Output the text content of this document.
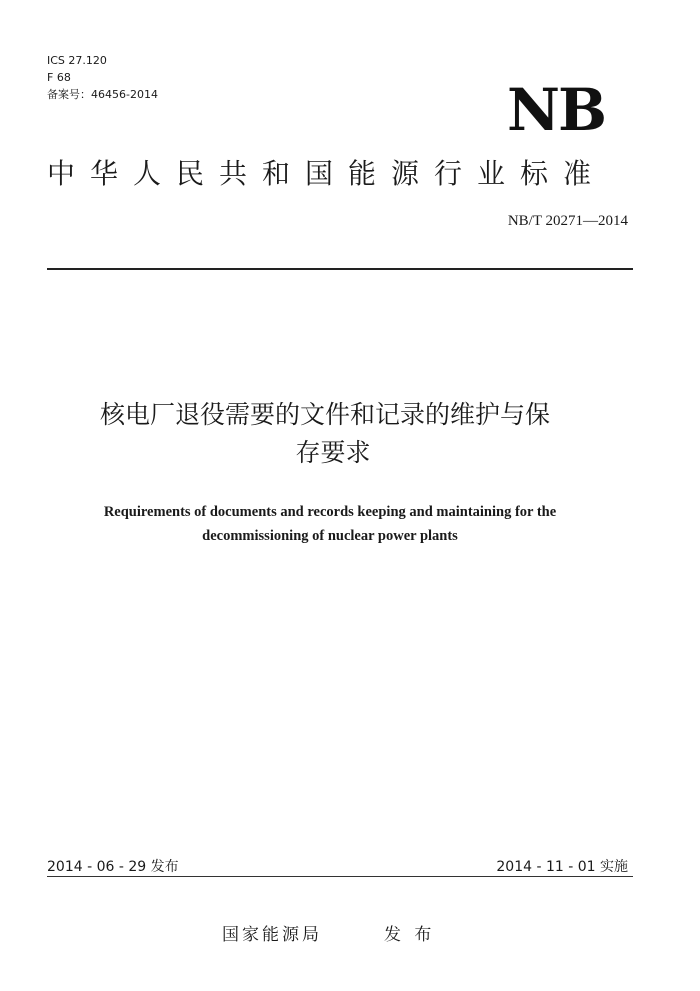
ICS 27.120
F 68
备案号：46456-2014	NB
中华人民共和国能源行业标准
NB/T 20271—2014
核电厂退役需要的文件和记录的维护与保
存要求
Requirements of documents and records keeping and maintaining for the
decommissioning of nuclear power plants
2014 - 06 - 29 发布	2014 - 11 - 01 实施
国家能源局	发 布
